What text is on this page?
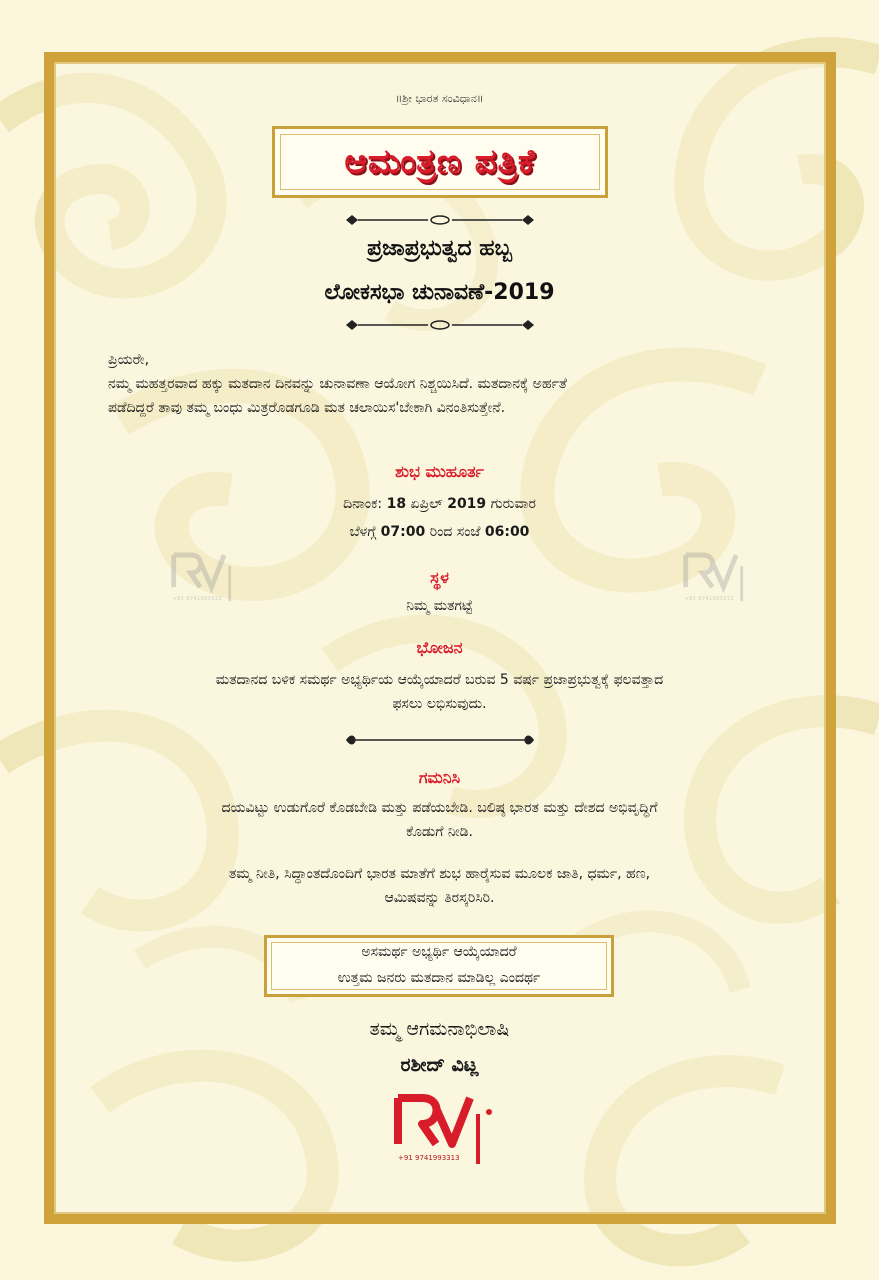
॥ಶ್ರೀ ಭಾರತ ಸಂವಿಧಾನ॥
ಆಮಂತ್ರಣ ಪತ್ರಿಕೆ
ಪ್ರಜಾಪ್ರಭುತ್ವದ ಹಬ್ಬ
ಲೋಕಸಭಾ ಚುನಾವಣೆ-2019
ಪ್ರಿಯರೇ,
ನಮ್ಮ ಮಹತ್ತರವಾದ ಹಕ್ಕು ಮತದಾನ ದಿನವನ್ನು ಚುನಾವಣಾ ಆಯೋಗ ನಿಶ್ಚಯಿಸಿದೆ. ಮತದಾನಕ್ಕೆ ಅರ್ಹತೆ
ಪಡೆದಿದ್ದರೆ ತಾವು ತಮ್ಮ ಬಂಧು ಮಿತ್ರರೊಡಗೂಡಿ ಮತ ಚಲಾಯಿಸ'ಬೇಕಾಗಿ ವಿನಂತಿಸುತ್ತೇನೆ.
ಶುಭ ಮುಹೂರ್ತ
ದಿನಾಂಕ: 18 ಏಪ್ರಿಲ್ 2019 ಗುರುವಾರ
ಬೆಳಗ್ಗೆ 07:00 ರಿಂದ ಸಂಜೆ 06:00
ಸ್ಥಳ
ನಿಮ್ಮ ಮತಗಟ್ಟೆ
ಭೋಜನ
ಮತದಾನದ ಬಳಿಕ ಸಮರ್ಥ ಅಭ್ಯರ್ಥಿಯ ಆಯ್ಕೆಯಾದರೆ ಬರುವ 5 ವರ್ಷ ಪ್ರಜಾಪ್ರಭುತ್ವಕ್ಕೆ ಫಲವತ್ತಾದ
ಫಸಲು ಲಭಿಸುವುದು.
ಗಮನಿಸಿ
ದಯವಿಟ್ಟು ಉಡುಗೊರೆ ಕೊಡಬೇಡಿ ಮತ್ತು ಪಡೆಯಬೇಡಿ. ಬಲಿಷ್ಠ ಭಾರತ ಮತ್ತು ದೇಶದ ಅಭಿವೃದ್ಧಿಗೆ
ಕೊಡುಗೆ ನೀಡಿ.
ತಮ್ಮ ನೀತಿ, ಸಿದ್ಧಾಂತದೊಂದಿಗೆ ಭಾರತ ಮಾತೆಗೆ ಶುಭ ಹಾರೈಸುವ ಮೂಲಕ ಜಾತಿ, ಧರ್ಮ, ಹಣ,
ಆಮಿಷವನ್ನು ತಿರಸ್ಕರಿಸಿರಿ.
ಅಸಮರ್ಥ ಅಭ್ಯರ್ಥಿ ಆಯ್ಕೆಯಾದರೆ
ಉತ್ತಮ ಜನರು ಮತದಾನ ಮಾಡಿಲ್ಲ ಎಂದರ್ಥ
ತಮ್ಮ ಆಗಮನಾಭಿಲಾಷಿ
ರಶೀದ್ ವಿಟ್ಲ
+91 9741993313
+91 9741993313	+91 9741993313
